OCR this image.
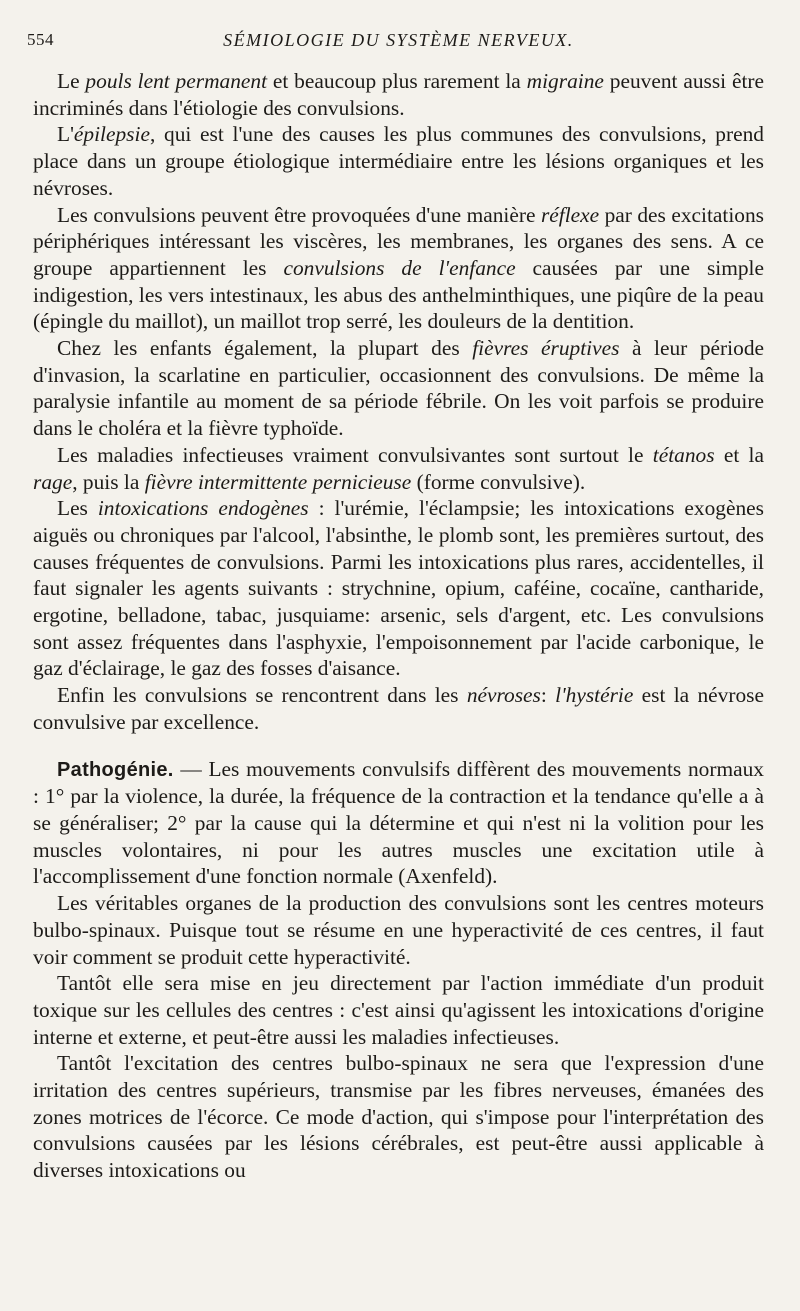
554	SÉMIOLOGIE DU SYSTÈME NERVEUX.

Le pouls lent permanent et beaucoup plus rarement la migraine peuvent aussi être incriminés dans l'étiologie des convulsions.

L'épilepsie, qui est l'une des causes les plus communes des convulsions, prend place dans un groupe étiologique intermédiaire entre les lésions organiques et les névroses.

Les convulsions peuvent être provoquées d'une manière réflexe par des excitations périphériques intéressant les viscères, les membranes, les organes des sens. A ce groupe appartiennent les convulsions de l'enfance causées par une simple indigestion, les vers intestinaux, les abus des anthelminthiques, une piqûre de la peau (épingle du maillot), un maillot trop serré, les douleurs de la dentition.

Chez les enfants également, la plupart des fièvres éruptives à leur période d'invasion, la scarlatine en particulier, occasionnent des convulsions. De même la paralysie infantile au moment de sa période fébrile. On les voit parfois se produire dans le choléra et la fièvre typhoïde.

Les maladies infectieuses vraiment convulsivantes sont surtout le tétanos et la rage, puis la fièvre intermittente pernicieuse (forme convulsive).

Les intoxications endogènes : l'urémie, l'éclampsie; les intoxications exogènes aiguës ou chroniques par l'alcool, l'absinthe, le plomb sont, les premières surtout, des causes fréquentes de convulsions. Parmi les intoxications plus rares, accidentelles, il faut signaler les agents suivants : strychnine, opium, caféine, cocaïne, cantharide, ergotine, belladone, tabac, jusquiame: arsenic, sels d'argent, etc. Les convulsions sont assez fréquentes dans l'asphyxie, l'empoisonnement par l'acide carbonique, le gaz d'éclairage, le gaz des fosses d'aisance.

Enfin les convulsions se rencontrent dans les névroses: l'hystérie est la névrose convulsive par excellence.

Pathogénie. — Les mouvements convulsifs diffèrent des mouvements normaux : 1° par la violence, la durée, la fréquence de la contraction et la tendance qu'elle a à se généraliser; 2° par la cause qui la détermine et qui n'est ni la volition pour les muscles volontaires, ni pour les autres muscles une excitation utile à l'accomplissement d'une fonction normale (Axenfeld).

Les véritables organes de la production des convulsions sont les centres moteurs bulbo-spinaux. Puisque tout se résume en une hyperactivité de ces centres, il faut voir comment se produit cette hyperactivité.

Tantôt elle sera mise en jeu directement par l'action immédiate d'un produit toxique sur les cellules des centres : c'est ainsi qu'agissent les intoxications d'origine interne et externe, et peut-être aussi les maladies infectieuses.

Tantôt l'excitation des centres bulbo-spinaux ne sera que l'expression d'une irritation des centres supérieurs, transmise par les fibres nerveuses, émanées des zones motrices de l'écorce. Ce mode d'action, qui s'impose pour l'interprétation des convulsions causées par les lésions cérébrales, est peut-être aussi applicable à diverses intoxications ou
